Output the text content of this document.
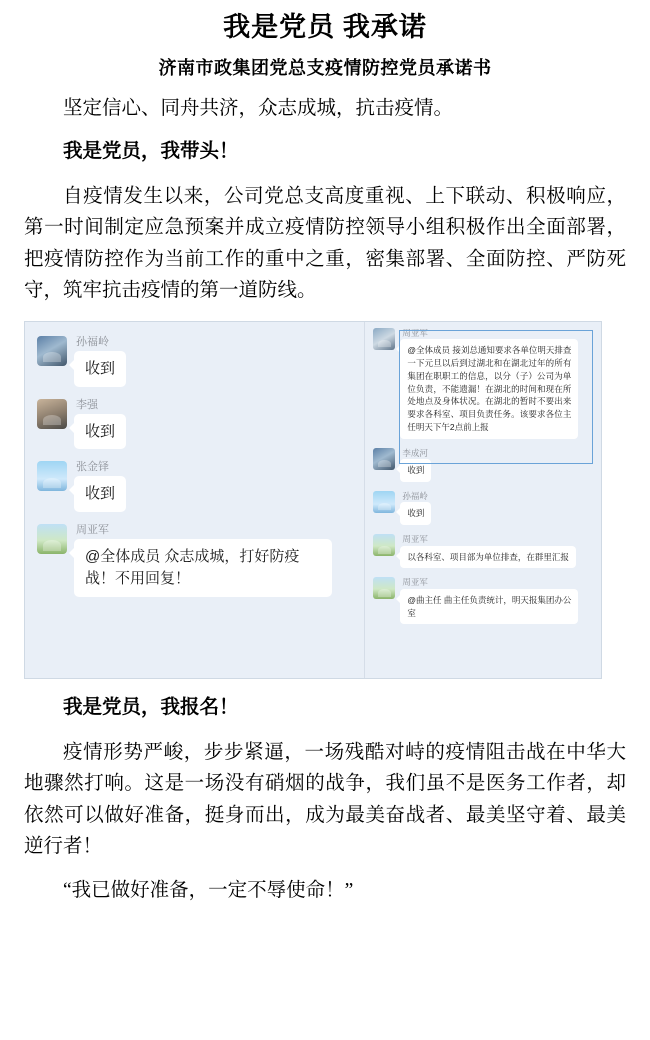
我是党员 我承诺
济南市政集团党总支疫情防控党员承诺书

坚定信心、同舟共济，众志成城，抗击疫情。

我是党员，我带头！

自疫情发生以来，公司党总支高度重视、上下联动、积极响应，第一时间制定应急预案并成立疫情防控领导小组积极作出全面部署，把疫情防控作为当前工作的重中之重，密集部署、全面防控、严防死守，筑牢抗击疫情的第一道防线。

孙福岭
收到
李强
收到
张金铎
收到
周亚军
@全体成员 众志成城，打好防疫战！不用回复！
周亚军
@全体成员 接刘总通知要求各单位明天排查一下元旦以后到过湖北和在湖北过年的所有集团在职职工的信息，以分（子）公司为单位负责，不能遗漏！在湖北的时间和现在所处地点及身体状况。在湖北的暂时不要出来要求各科室、项目负责任务。该要求各位主任明天下午2点前上报
李成河
收到
孙福岭
收到
周亚军
以各科室、项目部为单位排查，在群里汇报
周亚军
@曲主任 曲主任负责统计，明天报集团办公室

我是党员，我报名！

疫情形势严峻，步步紧逼，一场残酷对峙的疫情阻击战在中华大地骤然打响。这是一场没有硝烟的战争，我们虽不是医务工作者，却依然可以做好准备，挺身而出，成为最美奋战者、最美坚守着、最美逆行者！

“我已做好准备，一定不辱使命！”
